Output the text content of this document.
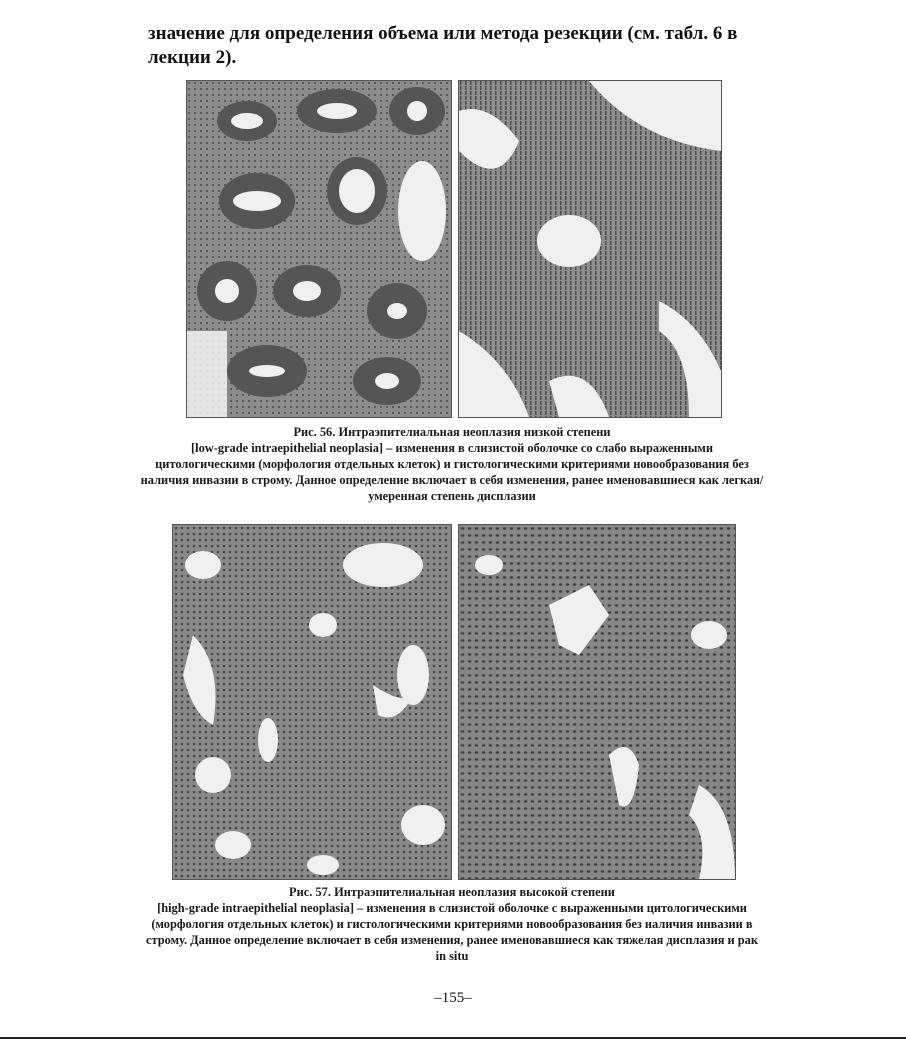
значение для определения объема или метода резекции (см. табл. 6 в лекции 2).

Рис. 56. Интраэпителиальная неоплазия низкой степени
[low-grade intraepithelial neoplasia] – изменения в слизистой оболочке со слабо выраженными цитологическими (морфология отдельных клеток) и гистологическими критериями новообразования без наличия инвазии в строму. Данное определение включает в себя изменения, ранее именовавшиеся как легкая/умеренная степень дисплазии

Рис. 57. Интраэпителиальная неоплазия высокой степени
[high-grade intraepithelial neoplasia] – изменения в слизистой оболочке с выраженными цитологическими (морфология отдельных клеток) и гистологическими критериями новообразования без наличия инвазии в строму. Данное определение включает в себя изменения, ранее именовавшиеся как тяжелая дисплазия и рак in situ

–155–
